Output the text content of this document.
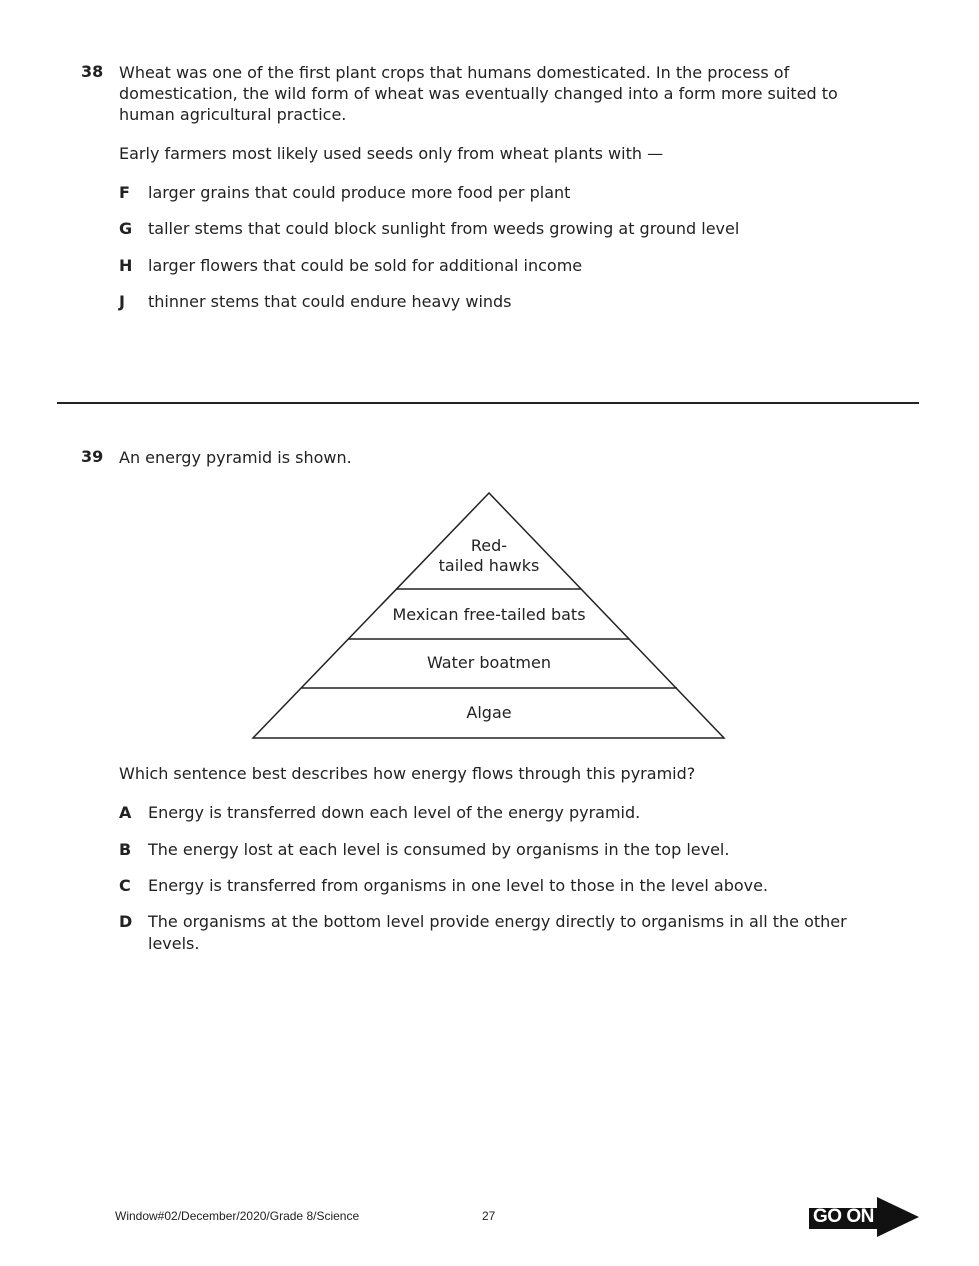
38 Wheat was one of the first plant crops that humans domesticated. In the process of
domestication, the wild form of wheat was eventually changed into a form more suited to
human agricultural practice.
Early farmers most likely used seeds only from wheat plants with —
F	larger grains that could produce more food per plant
G taller stems that could block sunlight from weeds growing at ground level
H larger flowers that could be sold for additional income
J	thinner stems that could endure heavy winds
39 An energy pyramid is shown.
Red-
tailed hawks
Mexican free-tailed bats
Water boatmen
Algae
Which sentence best describes how energy flows through this pyramid?
A	Energy is transferred down each level of the energy pyramid.
B	The energy lost at each level is consumed by organisms in the top level.
C	Energy is transferred from organisms in one level to those in the level above.
D The organisms at the bottom level provide energy directly to organisms in all the other levels.
Window#02/December/2020/Grade 8/Science	27	GO ON
